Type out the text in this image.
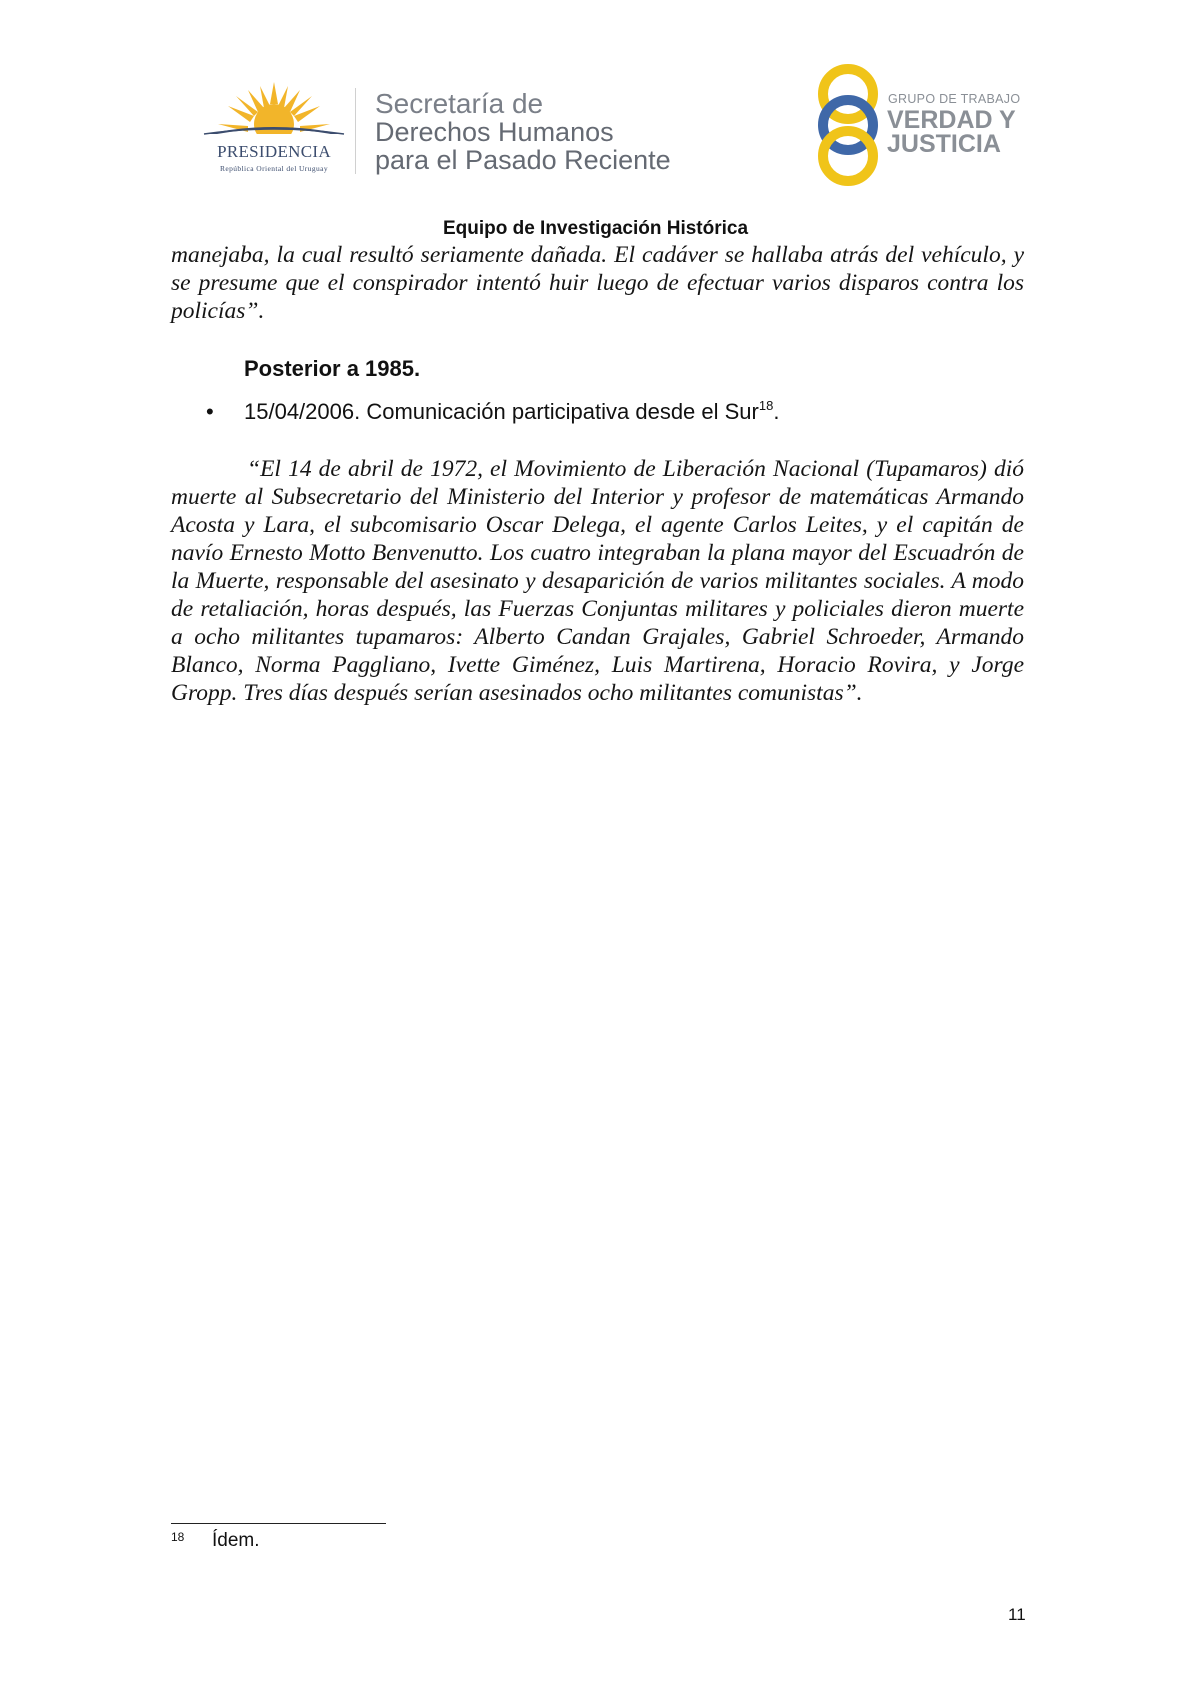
PRESIDENCIA
República Oriental del Uruguay
Secretaría de
Derechos Humanos
para el Pasado Reciente
GRUPO DE TRABAJO
VERDAD Y
JUSTICIA
Equipo de Investigación Histórica
manejaba, la cual resultó seriamente dañada. El cadáver se hallaba atrás del vehículo, y se presume que el conspirador intentó huir luego de efectuar varios disparos contra los policías”.
Posterior a 1985.
• 15/04/2006. Comunicación participativa desde el Sur$^{18}$.
“El 14 de abril de 1972, el Movimiento de Liberación Nacional (Tupamaros) dió muerte al Subsecretario del Ministerio del Interior y profesor de matemáticas Armando Acosta y Lara, el subcomisario Oscar Delega, el agente Carlos Leites, y el capitán de navío Ernesto Motto Benvenutto. Los cuatro integraban la plana mayor del Escuadrón de la Muerte, responsable del asesinato y desaparición de varios militantes sociales. A modo de retaliación, horas después, las Fuerzas Conjuntas militares y policiales dieron muerte a ocho militantes tupamaros: Alberto Candan Grajales, Gabriel Schroeder, Armando Blanco, Norma Paggliano, Ivette Giménez, Luis Martirena, Horacio Rovira, y Jorge Gropp. Tres días después serían asesinados ocho militantes comunistas”.
18 Ídem.
11
